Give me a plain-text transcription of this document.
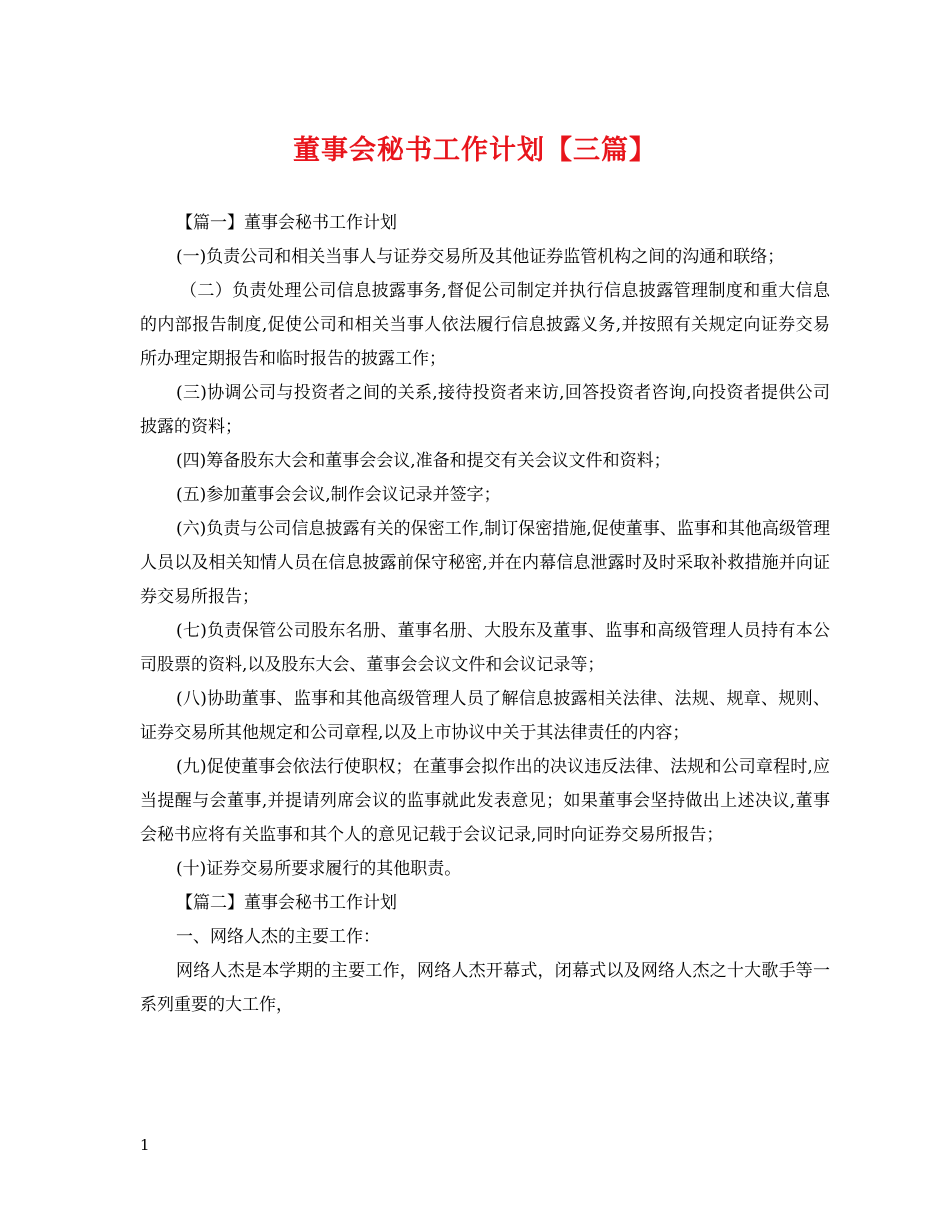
董事会秘书工作计划【三篇】

【篇一】董事会秘书工作计划

(一)负责公司和相关当事人与证券交易所及其他证券监管机构之间的沟通和联络；

（二）负责处理公司信息披露事务,督促公司制定并执行信息披露管理制度和重大信息的内部报告制度,促使公司和相关当事人依法履行信息披露义务,并按照有关规定向证券交易所办理定期报告和临时报告的披露工作；

(三)协调公司与投资者之间的关系,接待投资者来访,回答投资者咨询,向投资者提供公司披露的资料；

(四)筹备股东大会和董事会会议,准备和提交有关会议文件和资料；

(五)参加董事会会议,制作会议记录并签字；

(六)负责与公司信息披露有关的保密工作,制订保密措施,促使董事、监事和其他高级管理人员以及相关知情人员在信息披露前保守秘密,并在内幕信息泄露时及时采取补救措施并向证券交易所报告；

(七)负责保管公司股东名册、董事名册、大股东及董事、监事和高级管理人员持有本公司股票的资料,以及股东大会、董事会会议文件和会议记录等；

(八)协助董事、监事和其他高级管理人员了解信息披露相关法律、法规、规章、规则、证券交易所其他规定和公司章程,以及上市协议中关于其法律责任的内容；

(九)促使董事会依法行使职权；在董事会拟作出的决议违反法律、法规和公司章程时,应当提醒与会董事,并提请列席会议的监事就此发表意见；如果董事会坚持做出上述决议,董事会秘书应将有关监事和其个人的意见记载于会议记录,同时向证券交易所报告；

(十)证券交易所要求履行的其他职责。

【篇二】董事会秘书工作计划

一、网络人杰的主要工作：

网络人杰是本学期的主要工作，网络人杰开幕式，闭幕式以及网络人杰之十大歌手等一系列重要的大工作，

1
